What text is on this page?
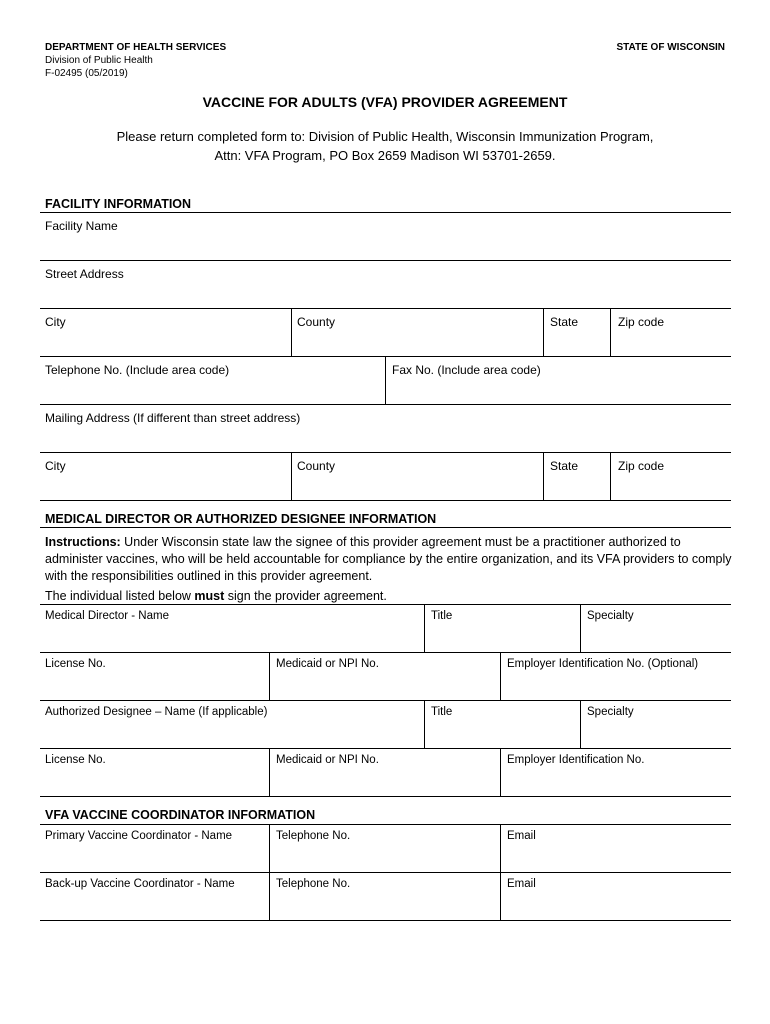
DEPARTMENT OF HEALTH SERVICES
Division of Public Health
F-02495 (05/2019)
STATE OF WISCONSIN
VACCINE FOR ADULTS (VFA) PROVIDER AGREEMENT
Please return completed form to: Division of Public Health, Wisconsin Immunization Program,
Attn: VFA Program, PO Box 2659 Madison WI 53701-2659.
FACILITY INFORMATION
Facility Name
Street Address
City	County	State	Zip code
Telephone No. (Include area code)	Fax No. (Include area code)
Mailing Address (If different than street address)
City	County	State	Zip code
MEDICAL DIRECTOR OR AUTHORIZED DESIGNEE INFORMATION
Instructions: Under Wisconsin state law the signee of this provider agreement must be a practitioner authorized to administer vaccines, who will be held accountable for compliance by the entire organization, and its VFA providers to comply with the responsibilities outlined in this provider agreement.
The individual listed below must sign the provider agreement.
Medical Director - Name	Title	Specialty
License No.	Medicaid or NPI No.	Employer Identification No. (Optional)
Authorized Designee – Name (If applicable)	Title	Specialty
License No.	Medicaid or NPI No.	Employer Identification No.
VFA VACCINE COORDINATOR INFORMATION
Primary Vaccine Coordinator - Name	Telephone No.	Email
Back-up Vaccine Coordinator - Name	Telephone No.	Email
